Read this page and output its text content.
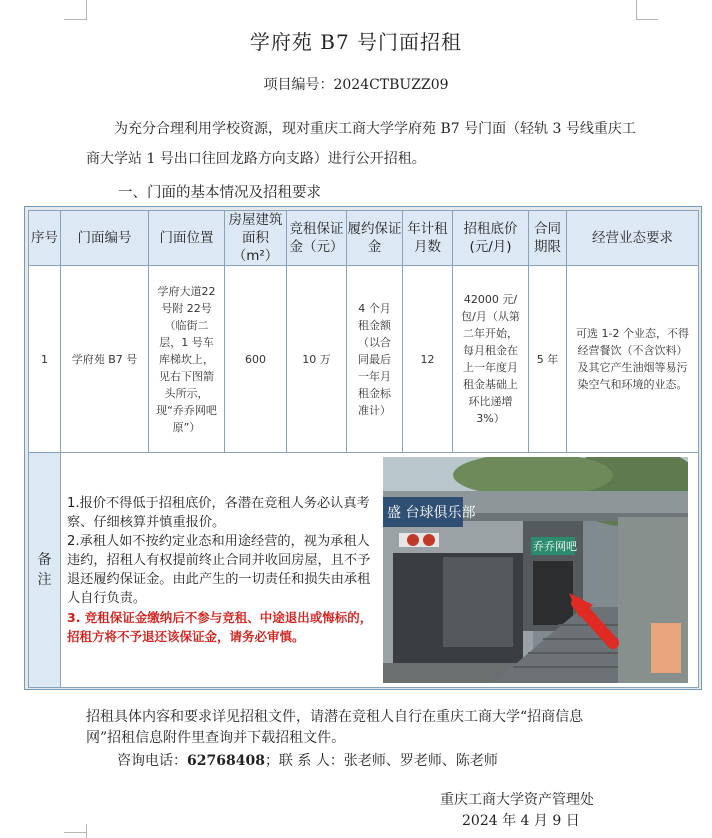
学府苑 B7 号门面招租
项目编号：2024CTBUZZ09

为充分合理利用学校资源，现对重庆工商大学学府苑 B7 号门面（轻轨 3 号线重庆工商大学站 1 号出口往回龙路方向支路）进行公开招租。

一、门面的基本情况及招租要求
序号	门面编号	门面位置	房屋建筑面积（m²）	竞租保证金（元）	履约保证金	年计租月数	招租底价(元/月)	合同期限	经营业态要求
1	学府苑 B7 号	学府大道22 号附 22号（临街二层，1 号车库梯坎上，见右下图箭头所示，现“乔乔网吧原”）	600	10 万	4 个月租金额（以合同最后一年月租金标准计）	12	42000 元/包/月（从第二年开始，每月租金在上一年度月租金基础上环比递增3%）	5 年	可选 1-2 个业态，不得经营餐饮（不含饮料）及其它产生油烟等易污染空气和环境的业态。

备注	1.报价不得低于招租底价，各潜在竞租人务必认真考察、仔细核算并慎重报价。

2.承租人如不按约定业态和用途经营的，视为承租人违约，招租人有权提前终止合同并收回房屋，且不予退还履约保证金。由此产生的一切责任和损失由承租人自行负责。

3. 竞租保证金缴纳后不参与竞租、中途退出或悔标的，招租方将不予退还该保证金，请务必审慎。

盛 台球俱乐部
乔乔网吧								

招租具体内容和要求详见招租文件，请潜在竞租人自行在重庆工商大学“招商信息网”招租信息附件里查询并下载招租文件。

咨询电话：62768408；联 系 人：张老师、罗老师、陈老师
重庆工商大学资产管理处
2024 年 4 月 9 日
